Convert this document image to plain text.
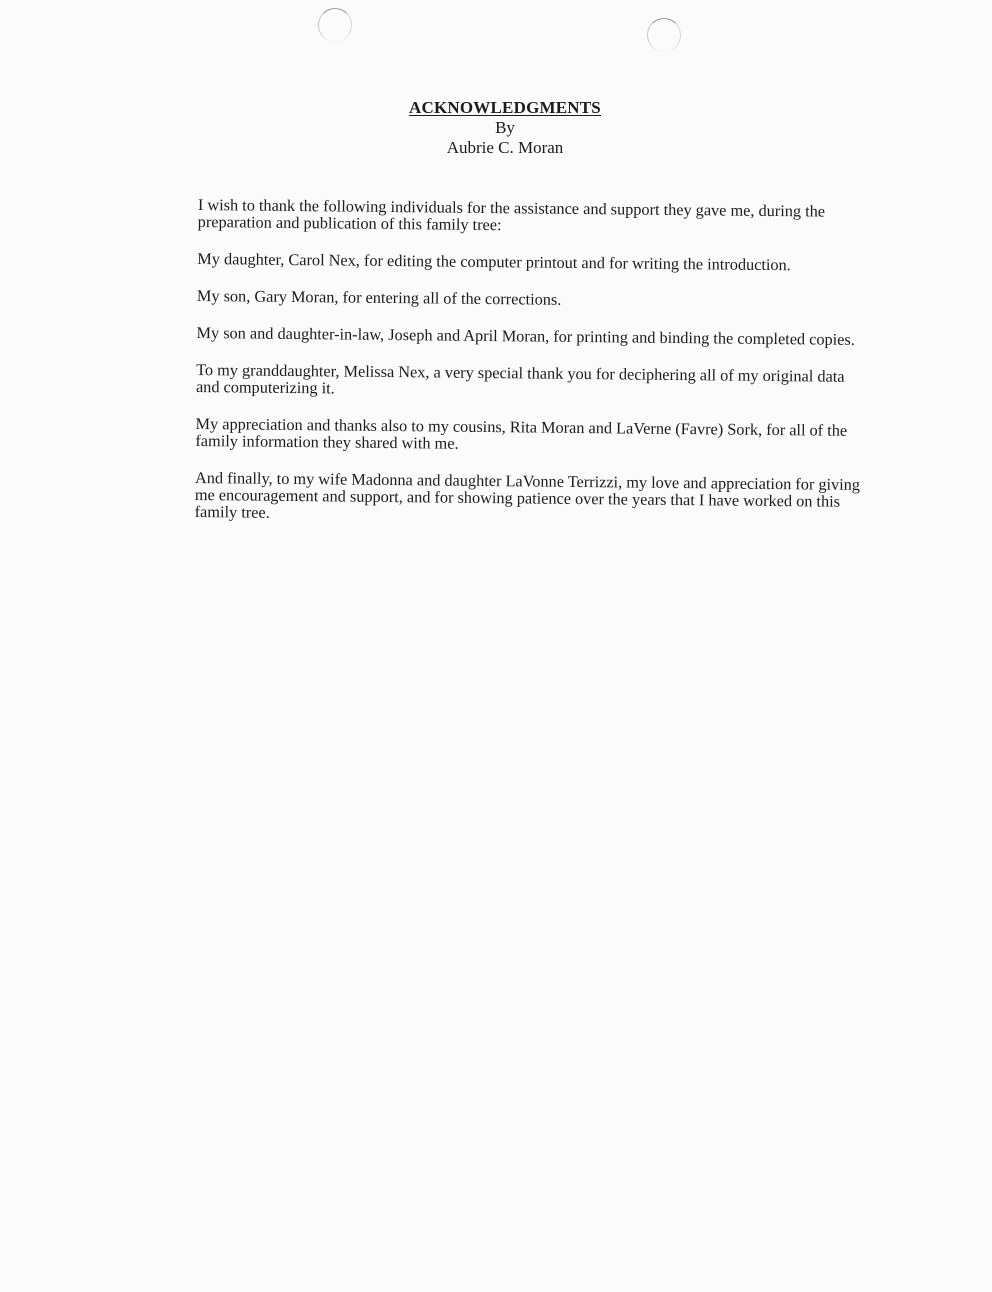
ACKNOWLEDGMENTS
By
Aubrie C. Moran

I wish to thank the following individuals for the assistance and support they gave me, during the preparation and publication of this family tree:

My daughter, Carol Nex, for editing the computer printout and for writing the introduction.

My son, Gary Moran, for entering all of the corrections.

My son and daughter-in-law, Joseph and April Moran, for printing and binding the completed copies.

To my granddaughter, Melissa Nex, a very special thank you for deciphering all of my original data and computerizing it.

My appreciation and thanks also to my cousins, Rita Moran and LaVerne (Favre) Sork, for all of the family information they shared with me.

And finally, to my wife Madonna and daughter LaVonne Terrizzi, my love and appreciation for giving me encouragement and support, and for showing patience over the years that I have worked on this family tree.
